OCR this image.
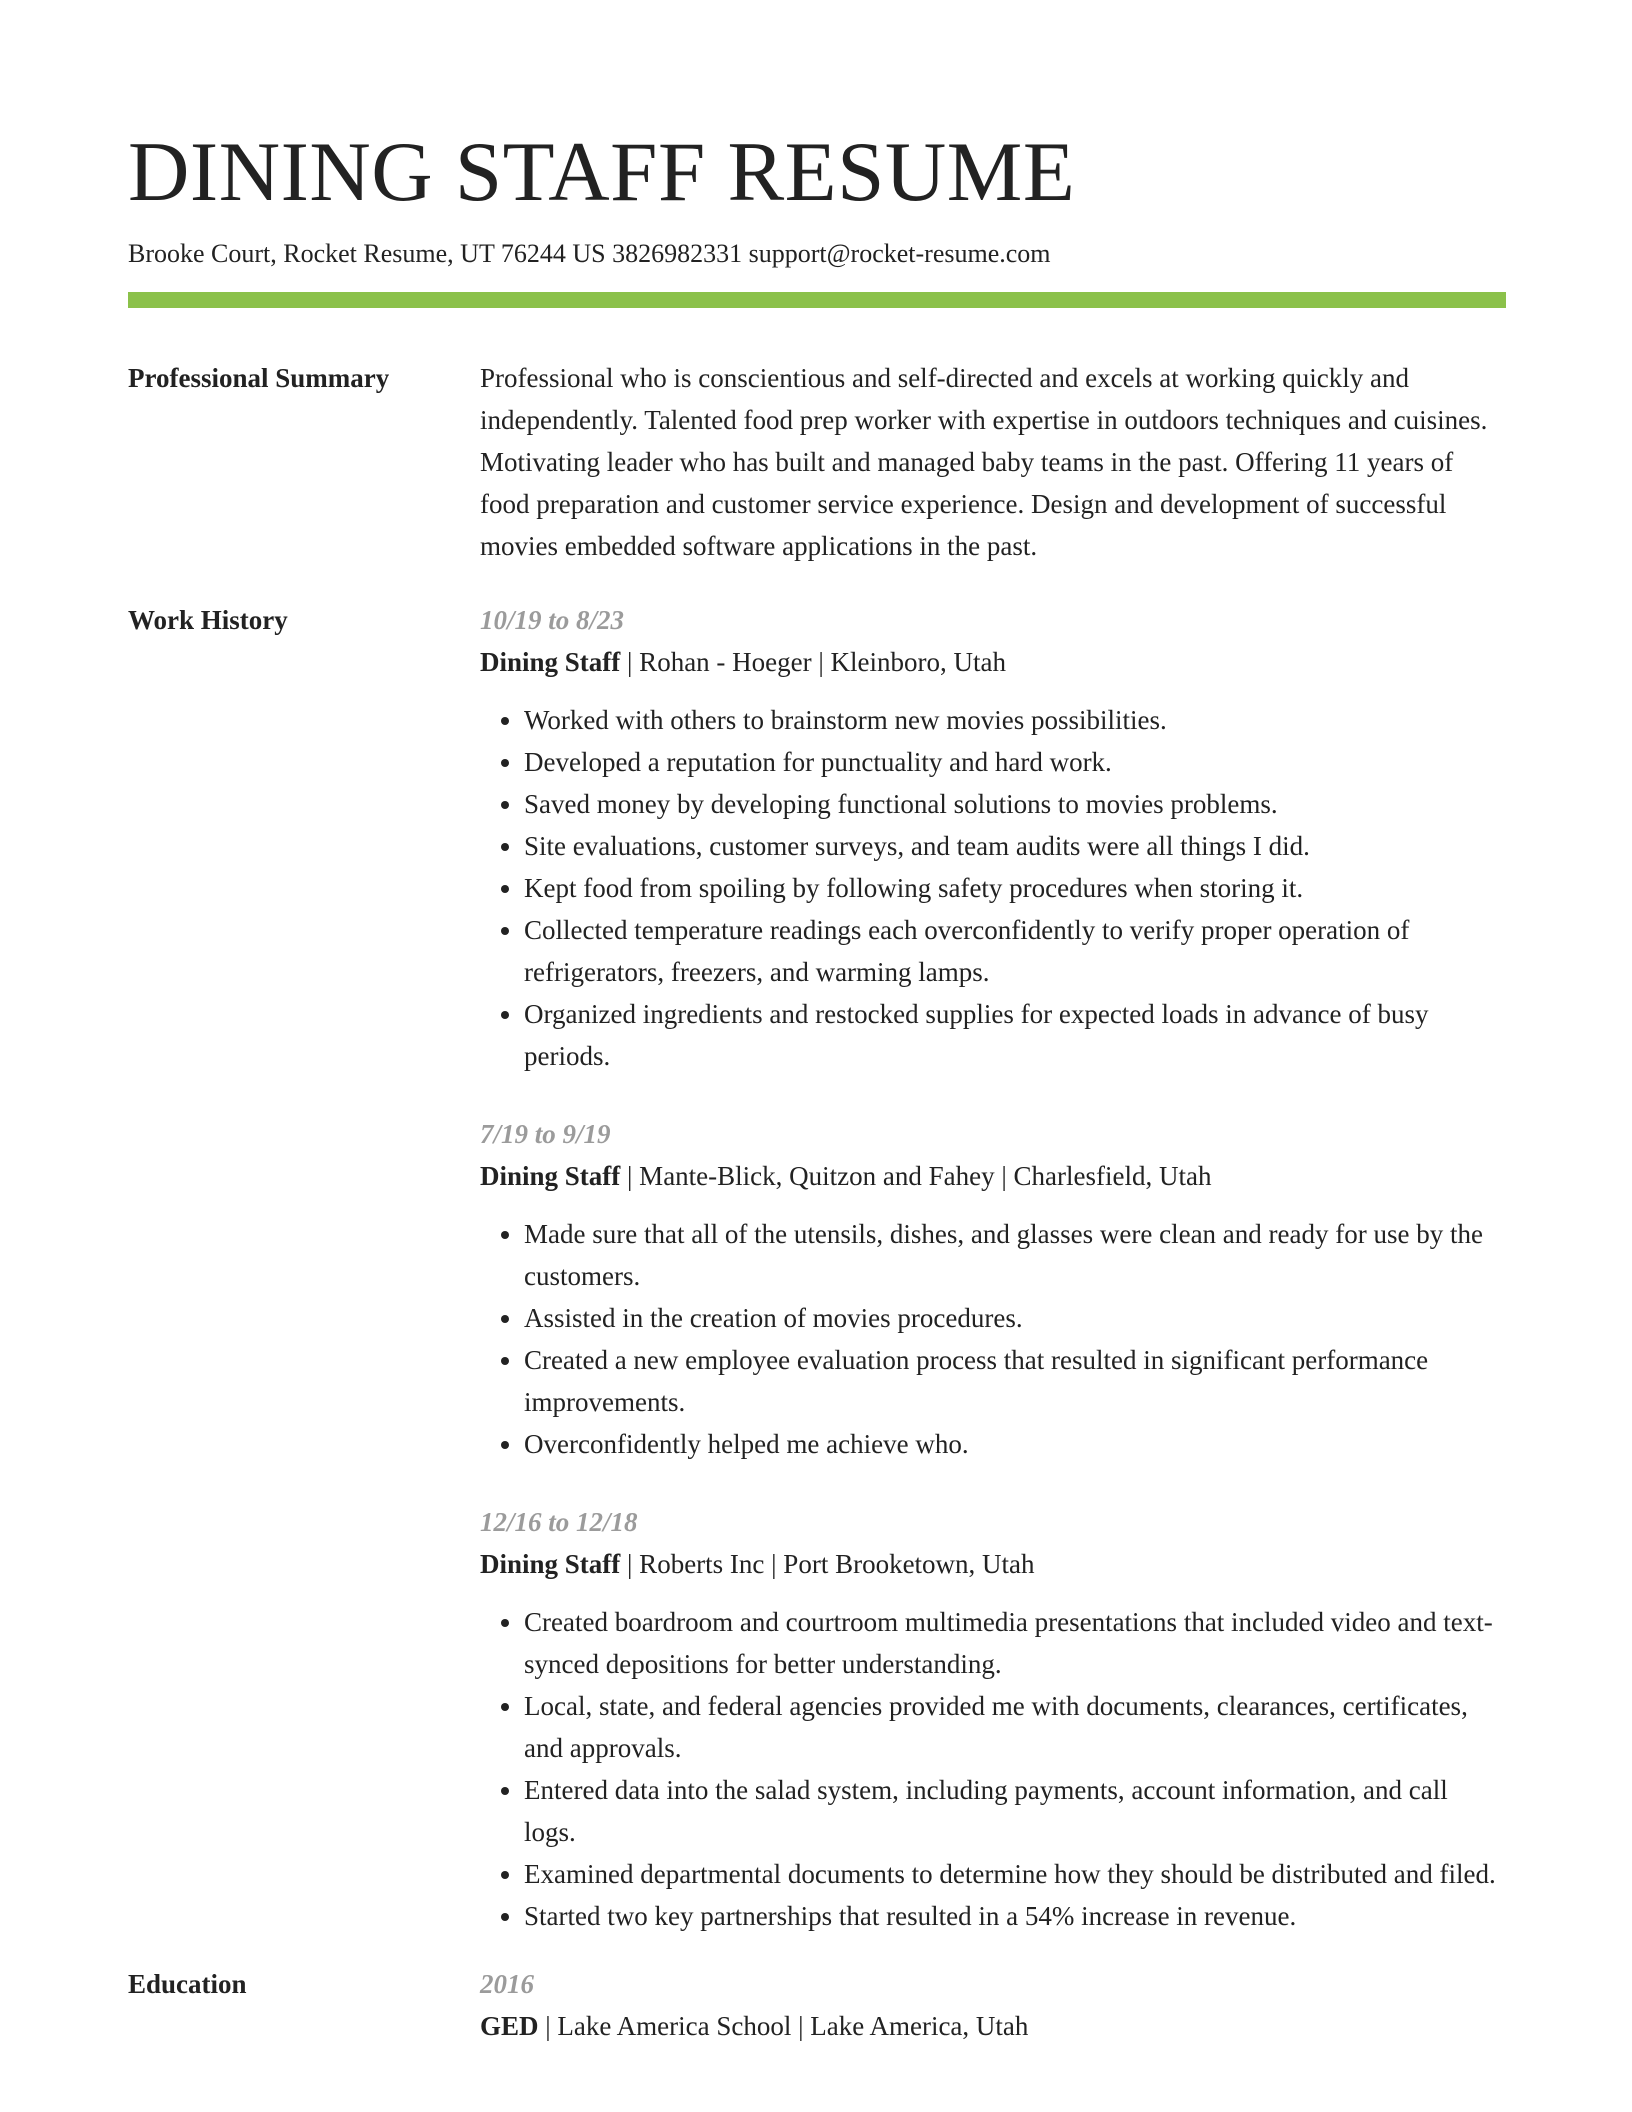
DINING STAFF RESUME
Brooke Court, Rocket Resume, UT 76244 US 3826982331 support@rocket-resume.com
Professional Summary	Professional who is conscientious and self-directed and excels at working quickly and independently. Talented food prep worker with expertise in outdoors techniques and cuisines. Motivating leader who has built and managed baby teams in the past. Offering 11 years of food preparation and customer service experience. Design and development of successful movies embedded software applications in the past.

Work History	10/19 to 8/23
Dining Staff | Rohan - Hoeger | Kleinboro, Utah
• Worked with others to brainstorm new movies possibilities.
• Developed a reputation for punctuality and hard work.
• Saved money by developing functional solutions to movies problems.
• Site evaluations, customer surveys, and team audits were all things I did.
• Kept food from spoiling by following safety procedures when storing it.
• Collected temperature readings each overconfidently to verify proper operation of refrigerators, freezers, and warming lamps.
• Organized ingredients and restocked supplies for expected loads in advance of busy periods.
7/19 to 9/19
Dining Staff | Mante-Blick, Quitzon and Fahey | Charlesfield, Utah
• Made sure that all of the utensils, dishes, and glasses were clean and ready for use by the customers.
• Assisted in the creation of movies procedures.
• Created a new employee evaluation process that resulted in significant performance improvements.
• Overconfidently helped me achieve who.
12/16 to 12/18
Dining Staff | Roberts Inc | Port Brooketown, Utah
• Created boardroom and courtroom multimedia presentations that included video and text-synced depositions for better understanding.
• Local, state, and federal agencies provided me with documents, clearances, certificates, and approvals.
• Entered data into the salad system, including payments, account information, and call logs.
• Examined departmental documents to determine how they should be distributed and filed.
• Started two key partnerships that resulted in a 54% increase in revenue.
Education	2016
GED | Lake America School | Lake America, Utah
